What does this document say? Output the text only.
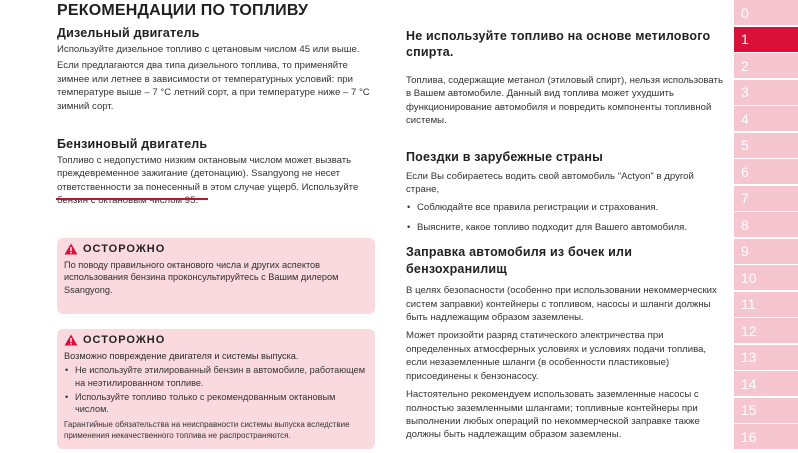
РЕКОМЕНДАЦИИ ПО ТОПЛИВУ
Дизельный двигатель

Используйте дизельное топливо с цетановым числом 45 или выше.

Если предлагаются два типа дизельного топлива, то применяйте зимнее или летнее в зависимости от температурных условий: при температуре выше – 7 °С летний сорт, а при температуре ниже – 7 °С зимний сорт.

Бензиновый двигатель

Топливо с недопустимо низким октановым числом может вызвать преждевременное зажигание (детонацию). Ssangyong не несет ответственности за понесенный в этом случае ущерб. Используйте бензин с октановым числом 95.

ОСТОРОЖНО

По поводу правильного октанового числа и других аспектов использования бензина проконсультируйтесь с Вашим дилером Ssangyong.

ОСТОРОЖНО

Возможно повреждение двигателя и системы выпуска.

• Не используйте этилированный бензин в автомобиле, работающем на неэтилированном топливе.
• Используйте топливо только с рекомендованным октановым числом.

Гарантийные обязательства на неисправности системы выпуска вследствие применения некачественного топлива не распространяются.

Не используйте топливо на основе метилового спирта.

Топлива, содержащие метанол (этиловый спирт), нельзя использовать в Вашем автомобиле. Данный вид топлива может ухудшить функционирование автомобиля и повредить компоненты топливной системы.

Поездки в зарубежные страны

Если Вы собираетесь водить свой автомобиль "Actyon" в другой стране,

• Соблюдайте все правила регистрации и страхования.
• Выясните, какое топливо подходит для Вашего автомобиля.
Заправка автомобиля из бочек или бензохранилищ

В целях безопасности (особенно при использовании некоммерческих систем заправки) контейнеры с топливом, насосы и шланги должны быть надлежащим образом заземлены.

Может произойти разряд статического электричества при определенных атмосферных условиях и условиях подачи топлива, если незаземленные шланги (в особенности пластиковые) присоединены к бензонасосу.

Настоятельно рекомендуем использовать заземленные насосы с полностью заземленными шлангами; топливные контейнеры при выполнении любых операций по некоммерческой заправке также должны быть надлежащим образом заземлены.

0
1
2
3
4
5
6
7
8
9
10
11
12
13
14
15
16
